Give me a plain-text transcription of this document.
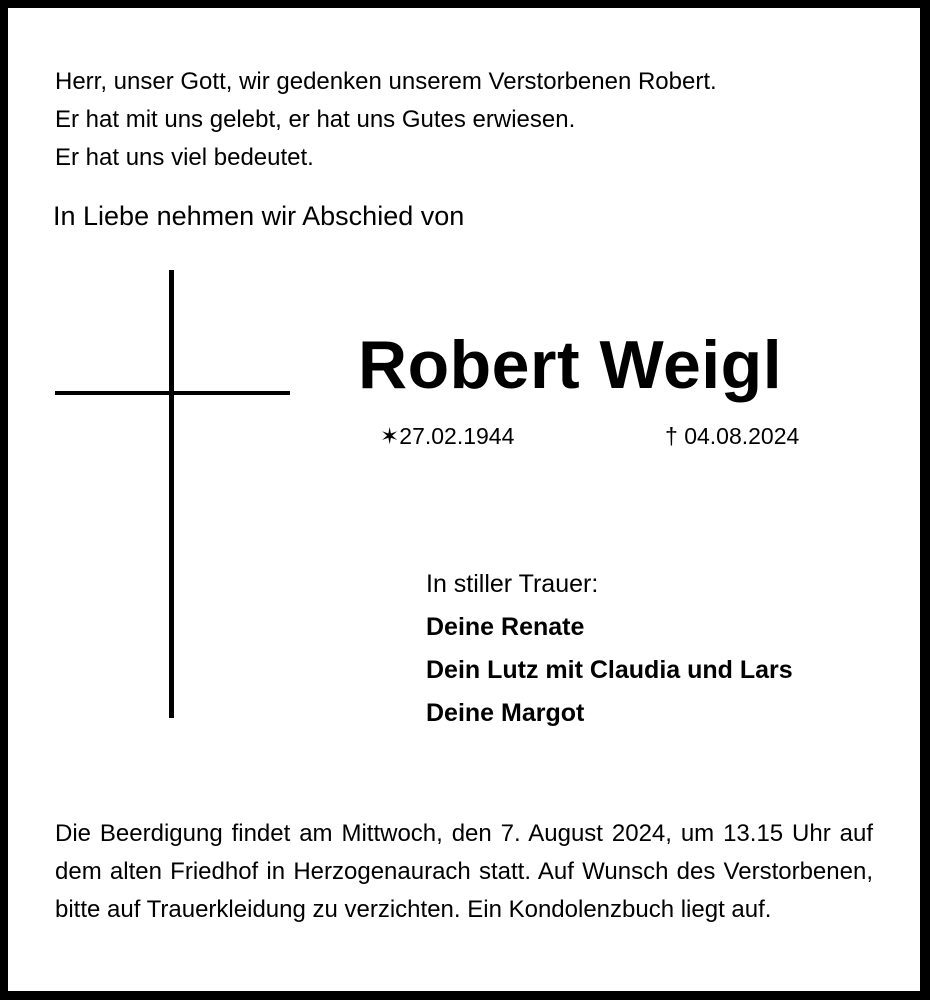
Herr, unser Gott, wir gedenken unserem Verstorbenen Robert.
Er hat mit uns gelebt, er hat uns Gutes erwiesen.
Er hat uns viel bedeutet.
In Liebe nehmen wir Abschied von
Robert Weigl
✶27.02.1944	† 04.08.2024
In stiller Trauer:
Deine Renate
Dein Lutz mit Claudia und Lars
Deine Margot
Die Beerdigung findet am Mittwoch, den 7. August 2024, um 13.15 Uhr auf dem alten Friedhof in Herzogenaurach statt. Auf Wunsch des Verstorbenen, bitte auf Trauerkleidung zu verzichten. Ein Kondolenzbuch liegt auf.
